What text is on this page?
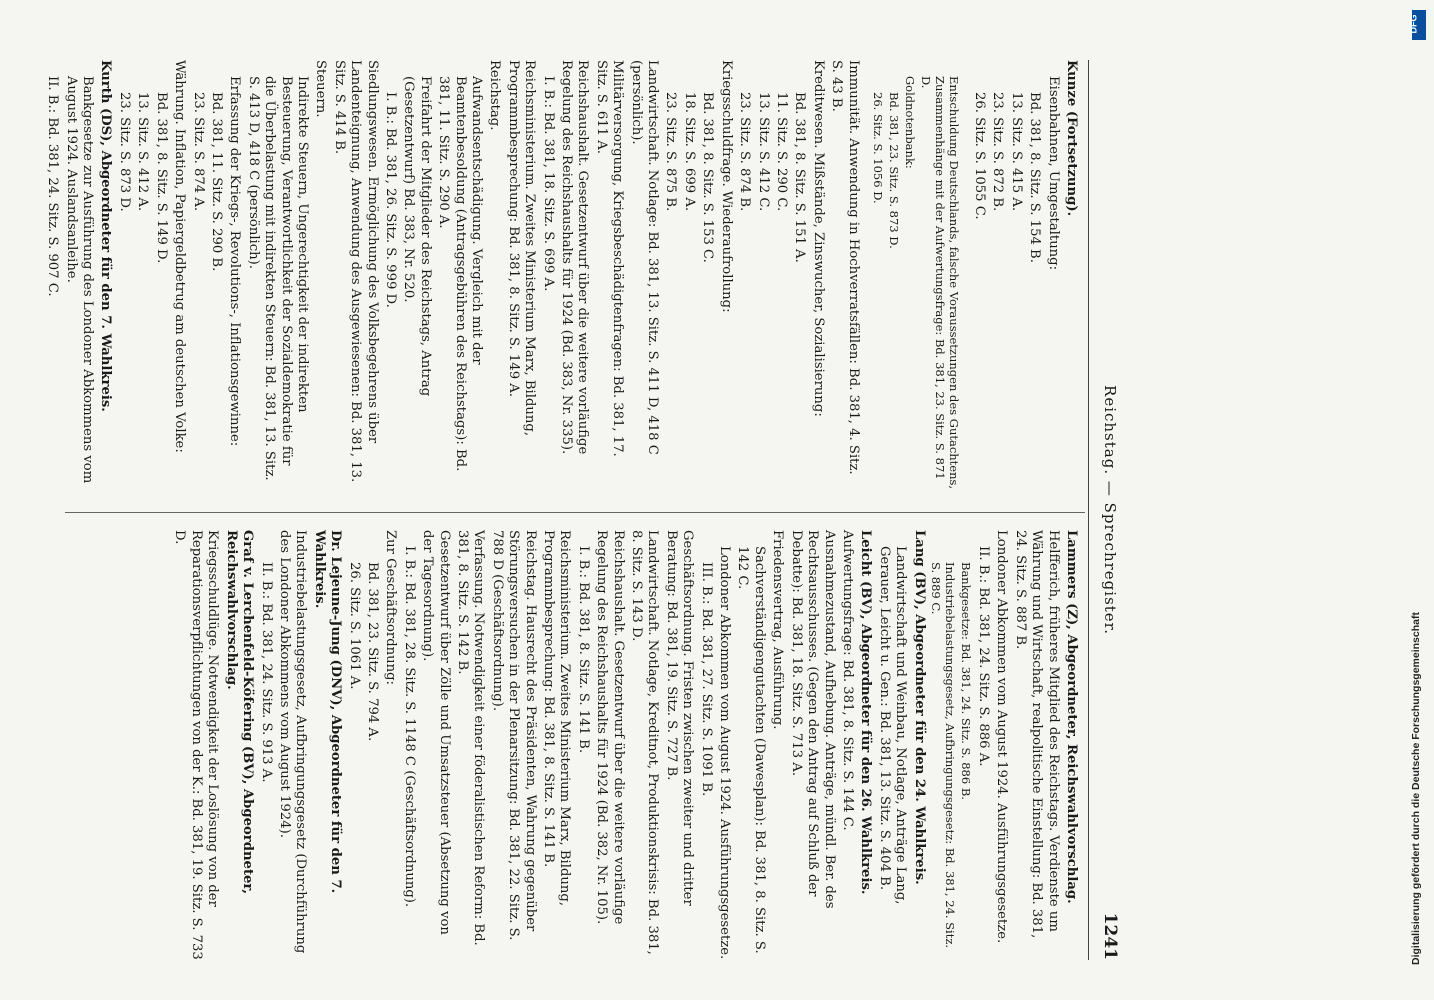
Reichstag. — Sprechregister.
1241
Kunze (Fortsetzung).
Eisenbahnen, Umgestaltung:
Bd. 381, 8. Sitz. S. 154 B.
13. Sitz. S. 415 A.
23. Sitz. S. 872 B.
26. Sitz. S. 1055 C.
Entschuldung Deutschlands, falsche Voraussetzungen des Gutachtens, Zusammenhänge mit der Aufwertungsfrage: Bd. 381, 23. Sitz. S. 871 D.
Goldnotenbank:
Bd. 381, 23. Sitz. S. 873 D.
26. Sitz. S. 1056 D.
Immunität. Anwendung in Hochverratsfällen: Bd. 381, 4. Sitz. S. 43 B.
Kreditwesen. Mißstände, Zinswucher, Sozialisierung:
Bd. 381, 8. Sitz. S. 151 A.
11. Sitz. S. 290 C.
13. Sitz. S. 412 C.
23. Sitz. S. 874 B.
Kriegsschuldfrage. Wiederaufrollung:
Bd. 381, 8. Sitz. S. 153 C.
18. Sitz. S. 699 A.
23. Sitz. S. 875 B.
Landwirtschaft. Notlage: Bd. 381, 13. Sitz. S. 411 D, 418 C (persönlich).
Militärversorgung, Kriegsbeschädigtenfragen: Bd. 381, 17. Sitz. S. 611 A.
Reichshaushalt. Gesetzentwurf über die weitere vorläufige Regelung des Reichshaushalts für 1924 (Bd. 383, Nr. 335).
I. B.: Bd. 381, 18. Sitz. S. 699 A.
Reichsministerium. Zweites Ministerium Marx, Bildung, Programmbesprechung: Bd. 381, 8. Sitz. S. 149 A.
Reichstag.
Aufwandsentschädigung. Vergleich mit der Beamtenbesoldung (Antragsgebühren des Reichstags): Bd. 381, 11. Sitz. S. 290 A.
Freifahrt der Mitglieder des Reichstags, Antrag (Gesetzentwurf) Bd. 383, Nr. 520.
I. B.: Bd. 381, 26. Sitz. S. 999 D.
Siedlungswesen. Ermöglichung des Volksbegehrens über Landenteignung, Anwendung des Ausgewiesenen: Bd. 381, 13. Sitz. S. 414 B.
Steuern.
Indirekte Steuern, Ungerechtigkeit der indirekten Besteuerung, Verantwortlichkeit der Sozialdemokratie für die Überbelastung mit indirekten Steuern: Bd. 381, 13. Sitz. S. 413 D, 418 C (persönlich).
Erfassung der Kriegs-, Revolutions-, Inflationsgewinne:
Bd. 381, 11. Sitz. S. 290 B.
23. Sitz. S. 874 A.
Währung. Inflation, Papiergeldbetrug am deutschen Volke:
Bd. 381, 8. Sitz. S. 149 D.
13. Sitz. S. 412 A.
23. Sitz. S. 873 D.
Kurth (DS), Abgeordneter für den 7. Wahlkreis.
Bankgesetze zur Ausführung des Londoner Abkommens vom August 1924. Auslandsanleihe.
II. B.: Bd. 381, 24. Sitz. S. 907 C.
Lammers (Z), Abgeordneter, Reichswahlvorschlag.
Helfferich, früheres Mitglied des Reichstags. Verdienste um Währung und Wirtschaft, realpolitische Einstellung: Bd. 381, 24. Sitz. S. 887 B.
Londoner Abkommen vom August 1924. Ausführungsgesetze.
II. B.: Bd. 381, 24. Sitz. S. 886 A.
Bankgesetze: Bd. 381, 24. Sitz. S. 886 B.
Industriebelastungsgesetz, Aufbringungsgesetz: Bd. 381, 24. Sitz. S. 889 C.
Lang (BV), Abgeordneter für den 24. Wahlkreis.
Landwirtschaft und Weinbau, Notlage, Anträge Lang, Gerauer, Leicht u. Gen.: Bd. 381, 13. Sitz. S. 404 B.
Leicht (BV), Abgeordneter für den 26. Wahlkreis.
Aufwertungsfrage: Bd. 381, 8. Sitz. S. 144 C.
Ausnahmezustand, Aufhebung. Anträge, mündl. Ber. des Rechtsausschusses. (Gegen den Antrag auf Schluß der Debatte): Bd. 381, 18. Sitz. S. 713 A.
Friedensvertrag, Ausführung.
Sachverständigengutachten (Dawesplan): Bd. 381, 8. Sitz. S. 142 C.
Londoner Abkommen vom August 1924. Ausführungsgesetze.
III. B.: Bd. 381, 27. Sitz. S. 1091 B.
Geschäftsordnung. Fristen zwischen zweiter und dritter Beratung: Bd. 381, 19. Sitz. S. 727 B.
Landwirtschaft. Notlage, Kreditnot, Produktionskrisis: Bd. 381, 8. Sitz. S. 143 D.
Reichshaushalt. Gesetzentwurf über die weitere vorläufige Regelung des Reichshaushalts für 1924 (Bd. 382, Nr. 105).
I. B.: Bd. 381, 8. Sitz. S. 141 B.
Reichsministerium. Zweites Ministerium Marx, Bildung, Programmbesprechung: Bd. 381, 8. Sitz. S. 141 B.
Reichstag. Hausrecht des Präsidenten, Wahrung gegenüber Störungsversuchen in der Plenarsitzung: Bd. 381, 22. Sitz. S. 788 D (Geschäftsordnung).
Verfassung. Notwendigkeit einer föderalistischen Reform: Bd. 381, 8. Sitz. S. 142 B.
Gesetzentwurf über Zölle und Umsatzsteuer (Absetzung von der Tagesordnung).
I. B.: Bd. 381, 28. Sitz. S. 1148 C (Geschäftsordnung).
Zur Geschäftsordnung:
Bd. 381, 23. Sitz. S. 794 A.
26. Sitz. S. 1061 A.
Dr. Lejeune-Jung (DNV), Abgeordneter für den 7. Wahlkreis.
Industriebelastungsgesetz, Aufbringungsgesetz (Durchführung des Londoner Abkommens vom August 1924).
II. B.: Bd. 381, 24. Sitz. S. 913 A.
Graf v. Lerchenfeld-Köfering (BV), Abgeordneter, Reichswahlvorschlag.
Kriegsschuldlüge. Notwendigkeit der Loslösung von der Reparationsverpflichtungen von der K.: Bd. 381, 19. Sitz. S. 733 D.
DFG
Digitalisierung gefördert durch die Deutsche Forschungsgemeinschaft
